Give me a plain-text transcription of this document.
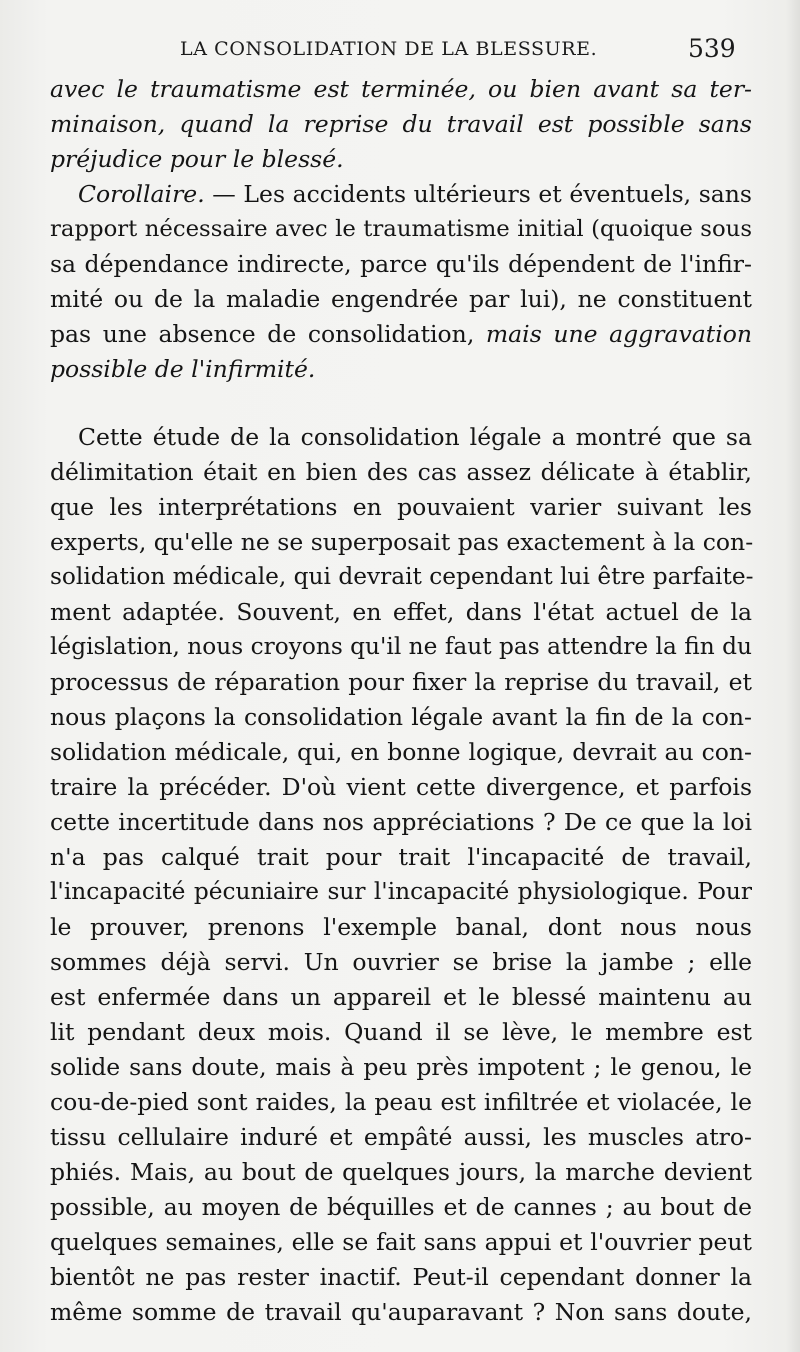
LA CONSOLIDATION DE LA BLESSURE.	539
avec le traumatisme est terminée, ou bien avant sa ter-
minaison, quand la reprise du travail est possible sans
préjudice pour le blessé.
Corollaire. — Les accidents ultérieurs et éventuels, sans
rapport nécessaire avec le traumatisme initial (quoique sous
sa dépendance indirecte, parce qu'ils dépendent de l'infir-
mité ou de la maladie engendrée par lui), ne constituent
pas une absence de consolidation, mais une aggravation
possible de l'infirmité.
Cette étude de la consolidation légale a montré que sa
délimitation était en bien des cas assez délicate à établir,
que les interprétations en pouvaient varier suivant les
experts, qu'elle ne se superposait pas exactement à la con-
solidation médicale, qui devrait cependant lui être parfaite-
ment adaptée. Souvent, en effet, dans l'état actuel de la
législation, nous croyons qu'il ne faut pas attendre la fin du
processus de réparation pour fixer la reprise du travail, et
nous plaçons la consolidation légale avant la fin de la con-
solidation médicale, qui, en bonne logique, devrait au con-
traire la précéder. D'où vient cette divergence, et parfois
cette incertitude dans nos appréciations ? De ce que la loi
n'a pas calqué trait pour trait l'incapacité de travail,
l'incapacité pécuniaire sur l'incapacité physiologique. Pour
le prouver, prenons l'exemple banal, dont nous nous
sommes déjà servi. Un ouvrier se brise la jambe ; elle
est enfermée dans un appareil et le blessé maintenu au
lit pendant deux mois. Quand il se lève, le membre est
solide sans doute, mais à peu près impotent ; le genou, le
cou-de-pied sont raides, la peau est infiltrée et violacée, le
tissu cellulaire induré et empâté aussi, les muscles atro-
phiés. Mais, au bout de quelques jours, la marche devient
possible, au moyen de béquilles et de cannes ; au bout de
quelques semaines, elle se fait sans appui et l'ouvrier peut
bientôt ne pas rester inactif. Peut-il cependant donner la
même somme de travail qu'auparavant ? Non sans doute,
